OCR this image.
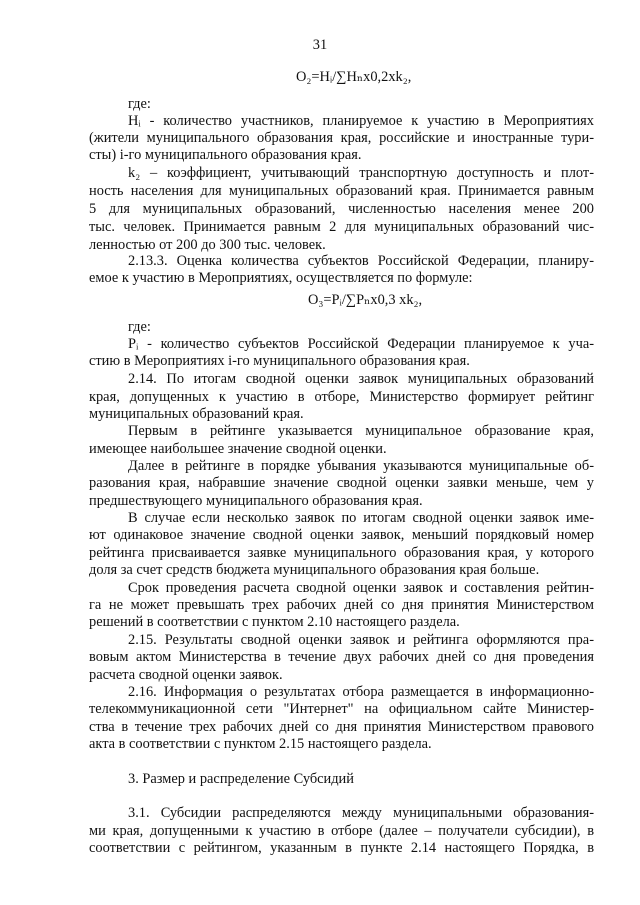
31
О₂=Нᵢ/∑Нₙх0,2хk₂,
где:
Нᵢ - количество участников, планируемое к участию в Мероприятиях
(жители муниципального образования края, российские и иностранные тури-
сты) i-го муниципального образования края.
k₂ – коэффициент, учитывающий транспортную доступность и плот-
ность населения для муниципальных образований края. Принимается равным
5 для муниципальных образований, численностью населения менее 200
тыс. человек. Принимается равным 2 для муниципальных образований чис-
ленностью от 200 до 300 тыс. человек.
2.13.3. Оценка количества субъектов Российской Федерации, планиру-
емое к участию в Мероприятиях, осуществляется по формуле:
О₃=Рᵢ/∑Рₙх0,3 хk₂,
где:
Рᵢ - количество субъектов Российской Федерации планируемое к уча-
стию в Мероприятиях i-го муниципального образования края.
2.14. По итогам сводной оценки заявок муниципальных образований
края, допущенных к участию в отборе, Министерство формирует рейтинг
муниципальных образований края.
Первым в рейтинге указывается муниципальное образование края,
имеющее наибольшее значение сводной оценки.
Далее в рейтинге в порядке убывания указываются муниципальные об-
разования края, набравшие значение сводной оценки заявки меньше, чем у
предшествующего муниципального образования края.
В случае если несколько заявок по итогам сводной оценки заявок име-
ют одинаковое значение сводной оценки заявок, меньший порядковый номер
рейтинга присваивается заявке муниципального образования края, у которого
доля за счет средств бюджета муниципального образования края больше.
Срок проведения расчета сводной оценки заявок и составления рейтин-
га не может превышать трех рабочих дней со дня принятия Министерством
решений в соответствии с пунктом 2.10 настоящего раздела.
2.15. Результаты сводной оценки заявок и рейтинга оформляются пра-
вовым актом Министерства в течение двух рабочих дней со дня проведения
расчета сводной оценки заявок.
2.16. Информация о результатах отбора размещается в информационно-
телекоммуникационной сети "Интернет" на официальном сайте Министер-
ства в течение трех рабочих дней со дня принятия Министерством правового
акта в соответствии с пунктом 2.15 настоящего раздела.
3. Размер и распределение Субсидий
3.1. Субсидии распределяются между муниципальными образования-
ми края, допущенными к участию в отборе (далее – получатели субсидии), в
соответствии с рейтингом, указанным в пункте 2.14 настоящего Порядка, в
